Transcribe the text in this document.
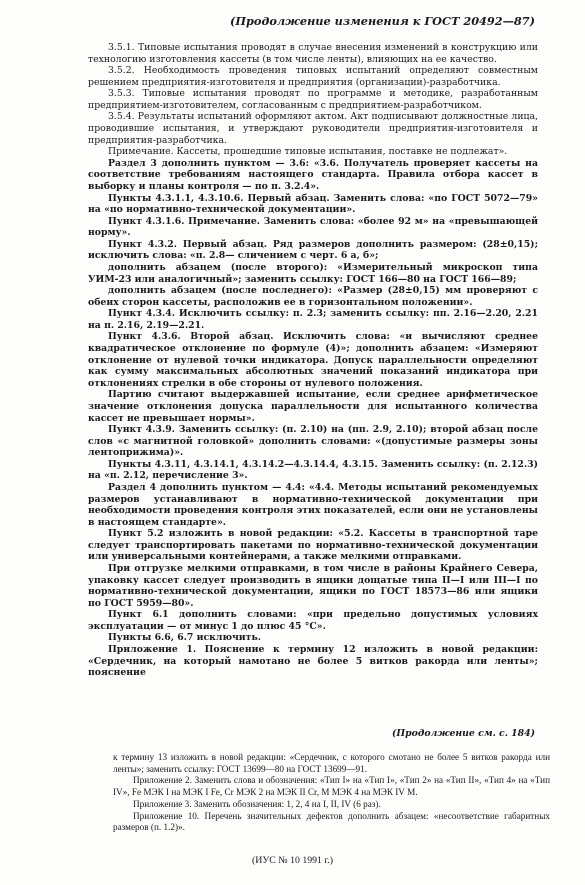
(Продолжение изменения к ГОСТ 20492—87)

3.5.1. Типовые испытания проводят в случае внесения изменений в конструкцию или технологию изготовления кассеты (в том числе ленты), влияющих на ее качество.

3.5.2. Необходимость проведения типовых испытаний определяют совместным решением предприятия-изготовителя и предприятия (организации)-разработчика.

3.5.3. Типовые испытания проводят по программе и методике, разработанным предприятием-изготовителем, согласованным с предприятием-разработчиком.

3.5.4. Результаты испытаний оформляют актом. Акт подписывают должностные лица, проводившие испытания, и утверждают руководители предприятия-изготовителя и предприятия-разработчика.

Примечание. Кассеты, прошедшие типовые испытания, поставке не подлежат».

Раздел 3 дополнить пунктом — 3.6: «3.6. Получатель проверяет кассеты на соответствие требованиям настоящего стандарта. Правила отбора кассет в выборку и планы контроля — по п. 3.2.4».

Пункты 4.3.1.1, 4.3.10.6. Первый абзац. Заменить слова: «по ГОСТ 5072—79» на «по нормативно-технической документации».

Пункт 4.3.1.6. Примечание. Заменить слова: «более 92 м» на «превышающей норму».

Пункт 4.3.2. Первый абзац. Ряд размеров дополнить размером: (28±0,15); исключить слова: «п. 2.8— сличением с черт. 6 а, б»;

дополнить абзацем (после второго): «Измерительный микроскоп типа УИМ-23 или аналогичный»; заменить ссылку: ГОСТ 166—80 на ГОСТ 166—89;

дополнить абзацем (после последнего): «Размер (28±0,15) мм проверяют с обеих сторон кассеты, расположив ее в горизонтальном положении».

Пункт 4.3.4. Исключить ссылку: п. 2.3; заменить ссылку: пп. 2.16—2.20, 2.21 на п. 2.16, 2.19—2.21.

Пункт 4.3.6. Второй абзац. Исключить слова: «и вычисляют среднее квадратическое отклонение по формуле (4)»; дополнить абзацем: «Измеряют отклонение от нулевой точки индикатора. Допуск параллельности определяют как сумму максимальных абсолютных значений показаний индикатора при отклонениях стрелки в обе стороны от нулевого положения.

Партию считают выдержавшей испытание, если среднее арифметическое значение отклонения допуска параллельности для испытанного количества кассет не превышает нормы».

Пункт 4.3.9. Заменить ссылку: (п. 2.10) на (пп. 2.9, 2.10); второй абзац после слов «с магнитной головкой» дополнить словами: «(допустимые размеры зоны лентоприжима)».

Пункты 4.3.11, 4.3.14.1, 4.3.14.2—4.3.14.4, 4.3.15. Заменить ссылку: (п. 2.12.3) на «п. 2.12, перечисление 3».

Раздел 4 дополнить пунктом — 4.4: «4.4. Методы испытаний рекомендуемых размеров устанавливают в нормативно-технической документации при необходимости проведения контроля этих показателей, если они не установлены в настоящем стандарте».

Пункт 5.2 изложить в новой редакции: «5.2. Кассеты в транспортной таре следует транспортировать пакетами по нормативно-технической документации или универсальными контейнерами, а также мелкими отправками.

При отгрузке мелкими отправками, в том числе в районы Крайнего Севера, упаковку кассет следует производить в ящики дощатые типа II—I или III—I по нормативно-технической документации, ящики по ГОСТ 18573—86 или ящики по ГОСТ 5959—80».

Пункт 6.1 дополнить словами: «при предельно допустимых условиях эксплуатации — от минус 1 до плюс 45 °С».

Пункты 6.6, 6.7 исключить.

Приложение 1. Пояснение к термину 12 изложить в новой редакции: «Сердечник, на который намотано не более 5 витков ракорда или ленты»; пояснение

(Продолжение см. с. 184)

к термину 13 изложить в новой редакции: «Сердечник, с которого смотано не более 5 витков ракорда или ленты»; заменить ссылку: ГОСТ 13699—80 на ГОСТ 13699—91.

Приложение 2. Заменить слова и обозначения: «Тип I» на «Тип I», «Тип 2» на «Тип II», «Тип 4» на «Тип IV», Fe МЭК I на МЭК I Fe, Cr МЭК 2 на МЭК II Cr, M МЭК 4 на МЭК IV M.

Приложение 3. Заменить обозначения: 1, 2, 4 на I, II, IV (6 раз).

Приложение 10. Перечень значительных дефектов дополнить абзацем: «несоответствие габаритных размеров (п. 1.2)».

(ИУС № 10 1991 г.)
